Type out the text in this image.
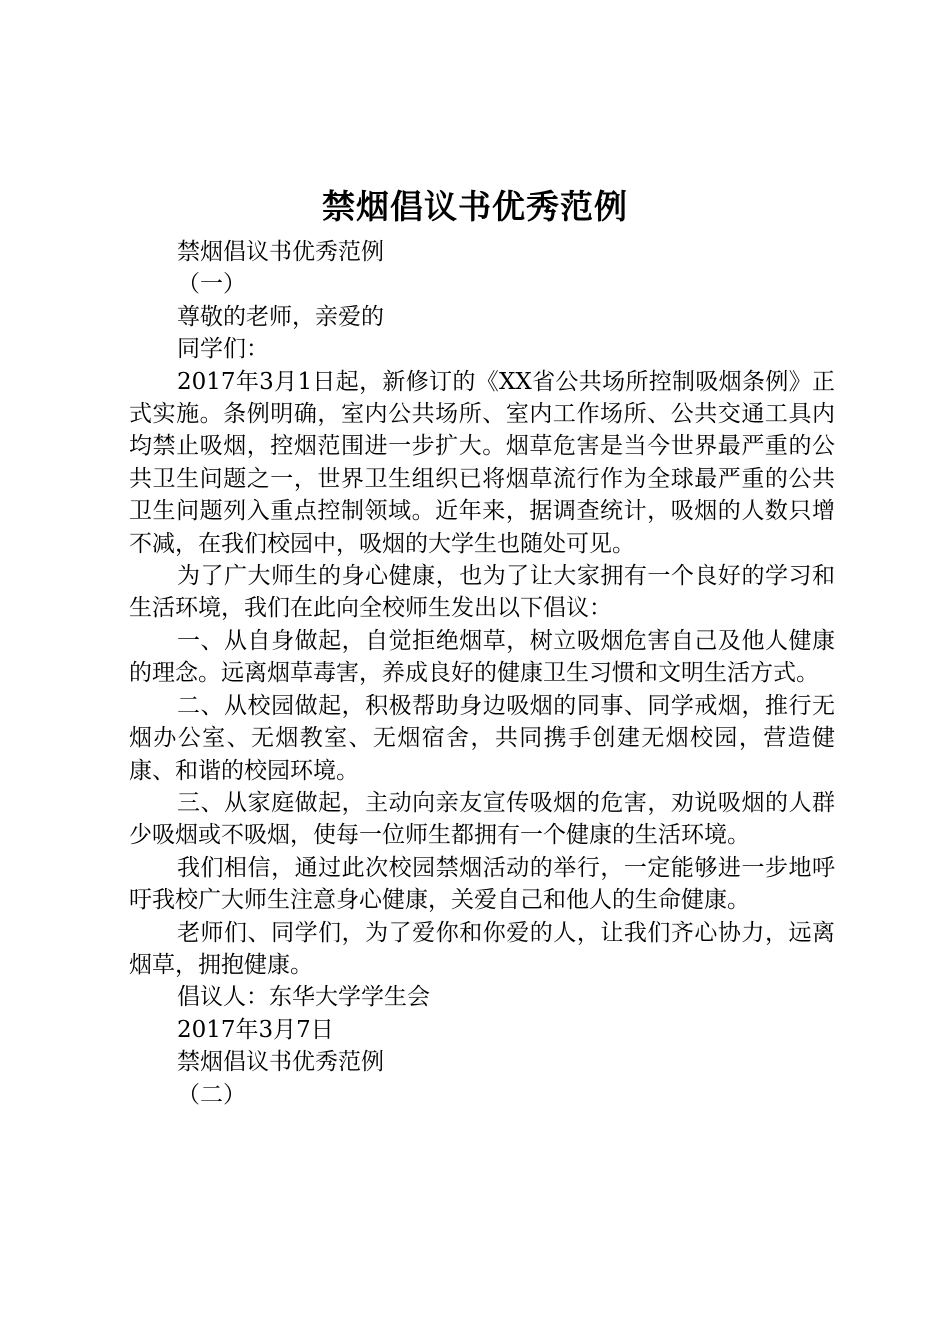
禁烟倡议书优秀范例

禁烟倡议书优秀范例

（一）

尊敬的老师，亲爱的

同学们：

2017年3月1日起，新修订的《XX省公共场所控制吸烟条例》正式实施。条例明确，室内公共场所、室内工作场所、公共交通工具内均禁止吸烟，控烟范围进一步扩大。烟草危害是当今世界最严重的公共卫生问题之一，世界卫生组织已将烟草流行作为全球最严重的公共卫生问题列入重点控制领域。近年来，据调查统计，吸烟的人数只增不减，在我们校园中，吸烟的大学生也随处可见。

为了广大师生的身心健康，也为了让大家拥有一个良好的学习和生活环境，我们在此向全校师生发出以下倡议：

一、从自身做起，自觉拒绝烟草，树立吸烟危害自己及他人健康的理念。远离烟草毒害，养成良好的健康卫生习惯和文明生活方式。

二、从校园做起，积极帮助身边吸烟的同事、同学戒烟，推行无烟办公室、无烟教室、无烟宿舍，共同携手创建无烟校园，营造健康、和谐的校园环境。

三、从家庭做起，主动向亲友宣传吸烟的危害，劝说吸烟的人群少吸烟或不吸烟，使每一位师生都拥有一个健康的生活环境。

我们相信，通过此次校园禁烟活动的举行，一定能够进一步地呼吁我校广大师生注意身心健康，关爱自己和他人的生命健康。

老师们、同学们，为了爱你和你爱的人，让我们齐心协力，远离烟草，拥抱健康。

倡议人：东华大学学生会

2017年3月7日

禁烟倡议书优秀范例

（二）
